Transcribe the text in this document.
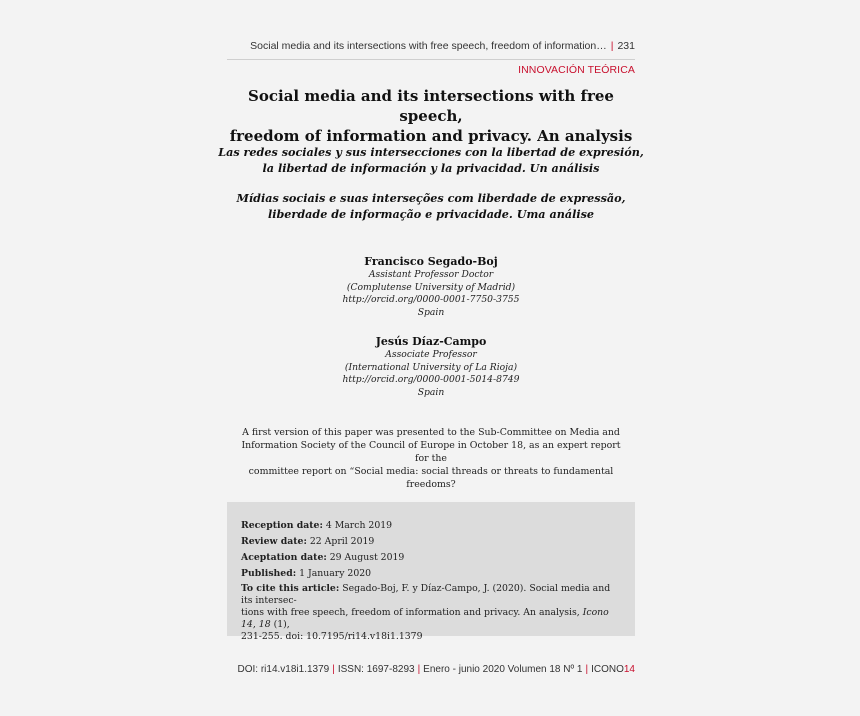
Social media and its intersections with free speech, freedom of information… | 231
INNOVACIÓN TEÓRICA
Social media and its intersections with free speech,
freedom of information and privacy. An analysis

Las redes sociales y sus intersecciones con la libertad de expresión,
la libertad de información y la privacidad. Un análisis

Mídias sociais e suas interseções com liberdade de expressão,
liberdade de informação e privacidade. Uma análise

Francisco Segado-Boj
Assistant Professor Doctor
(Complutense University of Madrid)
http://orcid.org/0000-0001-7750-3755
Spain
Jesús Díaz-Campo
Associate Professor
(International University of La Rioja)
http://orcid.org/0000-0001-5014-8749
Spain

A first version of this paper was presented to the Sub-Committee on Media and
Information Society of the Council of Europe in October 18, as an expert report for the
committee report on “Social media: social threads or threats to fundamental freedoms?

Reception date: 4 March 2019
Review date: 22 April 2019
Aceptation date: 29 August 2019
Published: 1 January 2020
To cite this article: Segado-Boj, F. y Díaz-Campo, J. (2020). Social media and its intersec-
tions with free speech, freedom of information and privacy. An analysis, Icono 14, 18 (1),
231-255. doi: 10.7195/ri14.v18i1.1379
DOI: ri14.v18i1.1379 | ISSN: 1697-8293 | Enero - junio 2020 Volumen 18 Nº 1 | ICONO14
